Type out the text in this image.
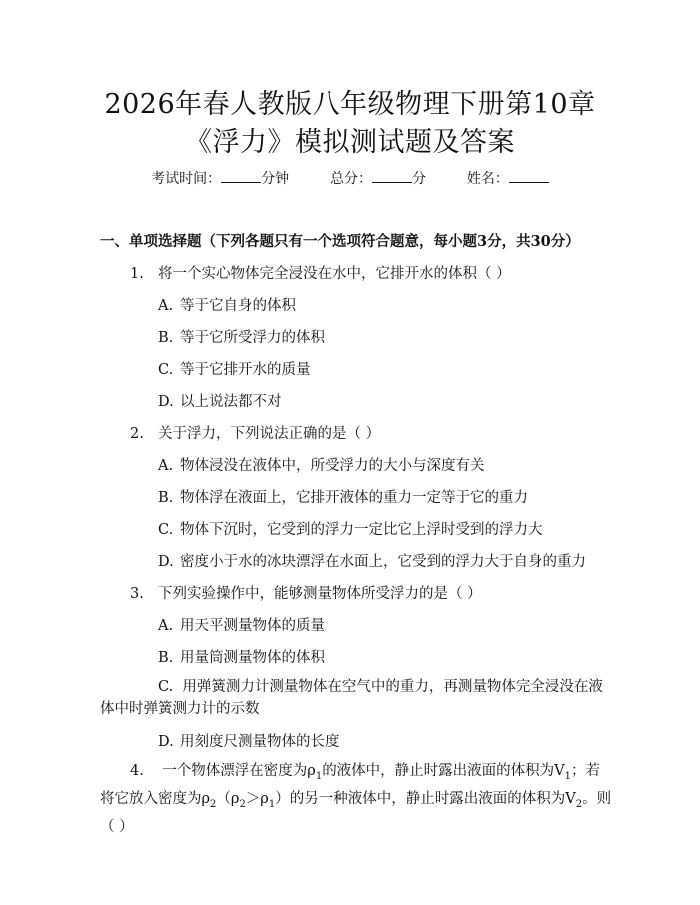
2026年春人教版八年级物理下册第10章
《浮力》模拟测试题及答案
考试时间：	分钟	总分：	分	姓名：
一、单项选择题（下列各题只有一个选项符合题意，每小题3分，共30分）
1. 将一个实心物体完全浸没在水中，它排开水的体积（ ）
A. 等于它自身的体积
B. 等于它所受浮力的体积
C. 等于它排开水的质量
D. 以上说法都不对
2. 关于浮力，下列说法正确的是（ ）
A. 物体浸没在液体中，所受浮力的大小与深度有关
B. 物体浮在液面上，它排开液体的重力一定等于它的重力
C. 物体下沉时，它受到的浮力一定比它上浮时受到的浮力大
D. 密度小于水的冰块漂浮在水面上，它受到的浮力大于自身的重力
3. 下列实验操作中，能够测量物体所受浮力的是（ ）
A. 用天平测量物体的质量
B. 用量筒测量物体的体积
C. 用弹簧测力计测量物体在空气中的重力，再测量物体完全浸没在液体中时弹簧测力计的示数
D. 用刻度尺测量物体的长度
4. 一个物体漂浮在密度为$\rho_1$的液体中，静止时露出液面的体积为$V_1$；若将它放入密度为$\rho_2(\rho_2>\rho_1)$的另一种液体中，静止时露出液面的体积为$V_2$。则（ ）
